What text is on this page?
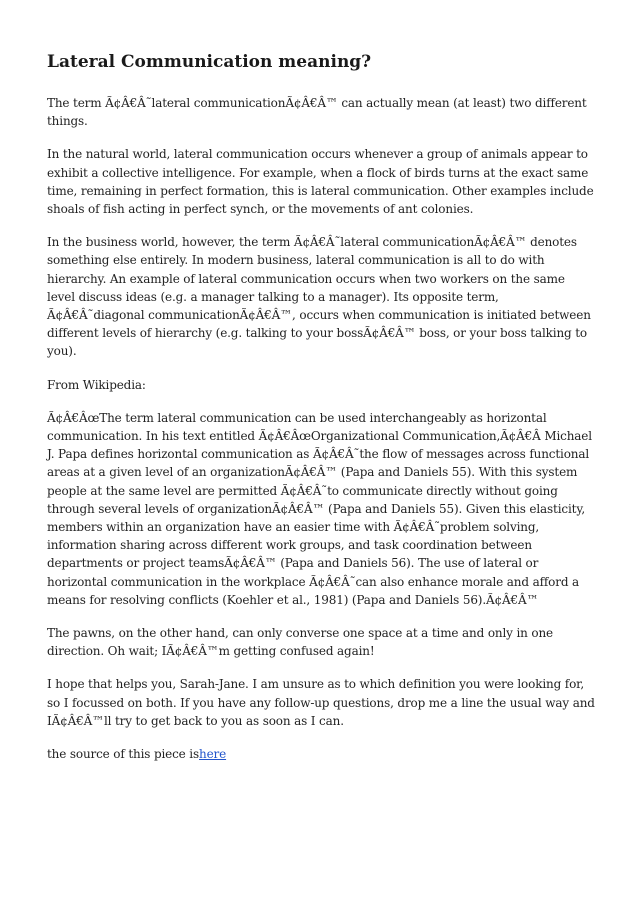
Lateral Communication meaning?

The term Ã¢Â€Â˜lateral communicationÃ¢Â€Â™ can actually mean (at least) two different things.

In the natural world, lateral communication occurs whenever a group of animals appear to exhibit a collective intelligence. For example, when a flock of birds turns at the exact same time, remaining in perfect formation, this is lateral communication. Other examples include shoals of fish acting in perfect synch, or the movements of ant colonies.

In the business world, however, the term Ã¢Â€Â˜lateral communicationÃ¢Â€Â™ denotes something else entirely. In modern business, lateral communication is all to do with hierarchy. An example of lateral communication occurs when two workers on the same level discuss ideas (e.g. a manager talking to a manager). Its opposite term, Ã¢Â€Â˜diagonal communicationÃ¢Â€Â™, occurs when communication is initiated between different levels of hierarchy (e.g. talking to your bossÃ¢Â€Â™ boss, or your boss talking to you).

From Wikipedia:

Ã¢Â€ÂœThe term lateral communication can be used interchangeably as horizontal communication. In his text entitled Ã¢Â€ÂœOrganizational Communication,Ã¢Â€Â Michael J. Papa defines horizontal communication as Ã¢Â€Â˜the flow of messages across functional areas at a given level of an organizationÃ¢Â€Â™ (Papa and Daniels 55). With this system people at the same level are permitted Ã¢Â€Â˜to communicate directly without going through several levels of organizationÃ¢Â€Â™ (Papa and Daniels 55). Given this elasticity, members within an organization have an easier time with Ã¢Â€Â˜problem solving, information sharing across different work groups, and task coordination between departments or project teamsÃ¢Â€Â™ (Papa and Daniels 56). The use of lateral or horizontal communication in the workplace Ã¢Â€Â˜can also enhance morale and afford a means for resolving conflicts (Koehler et al., 1981) (Papa and Daniels 56).Ã¢Â€Â™

The pawns, on the other hand, can only converse one space at a time and only in one direction. Oh wait; IÃ¢Â€Â™m getting confused again!

I hope that helps you, Sarah-Jane. I am unsure as to which definition you were looking for, so I focussed on both. If you have any follow-up questions, drop me a line the usual way and IÃ¢Â€Â™ll try to get back to you as soon as I can.

the source of this piece ishere
